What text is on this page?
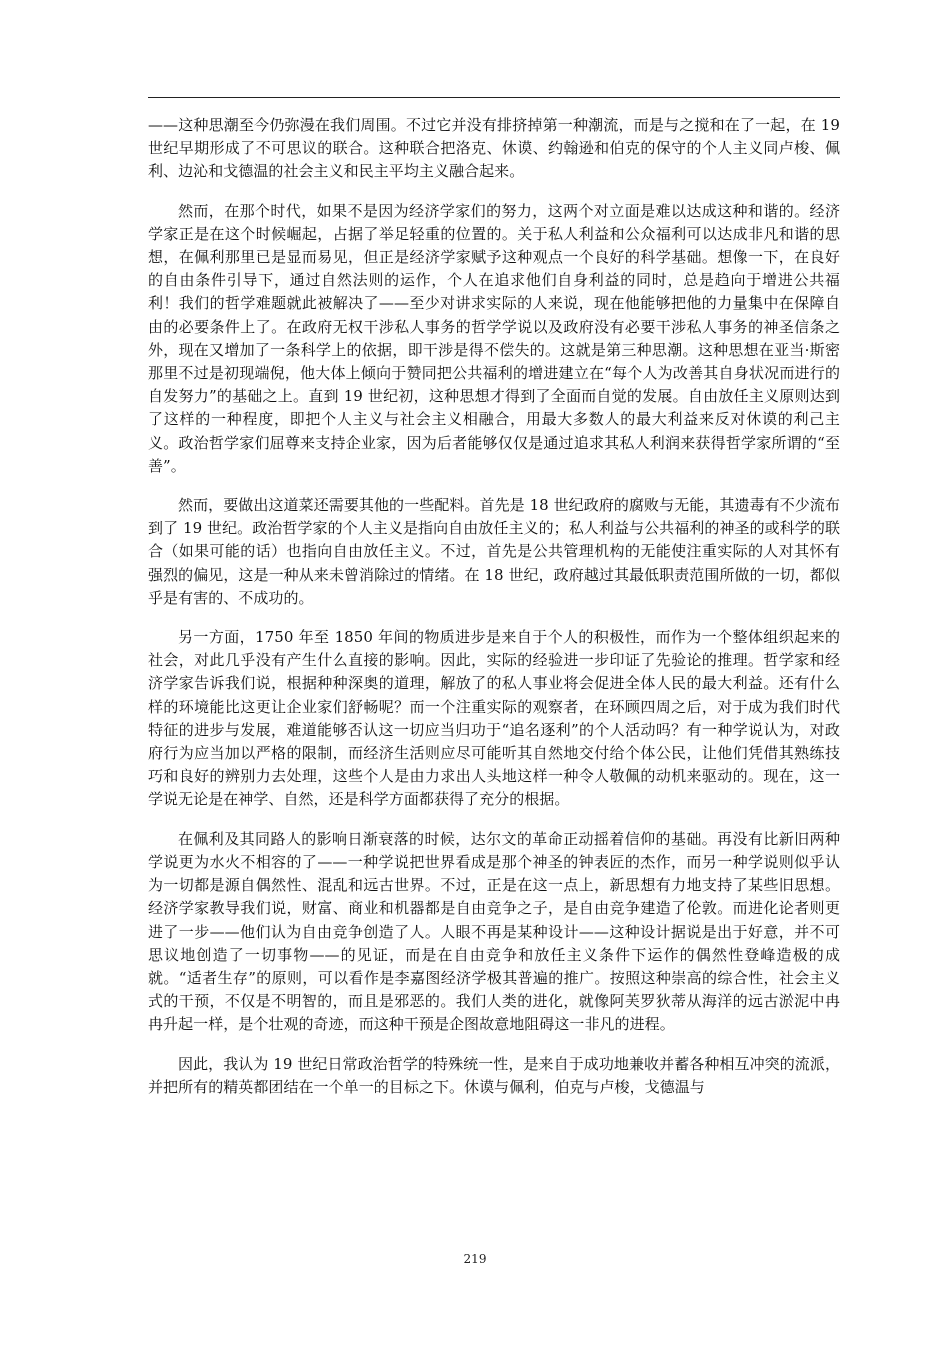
——这种思潮至今仍弥漫在我们周围。不过它并没有排挤掉第一种潮流，而是与之搅和在了一起，在 19 世纪早期形成了不可思议的联合。这种联合把洛克、休谟、约翰逊和伯克的保守的个人主义同卢梭、佩利、边沁和戈德温的社会主义和民主平均主义融合起来。

然而，在那个时代，如果不是因为经济学家们的努力，这两个对立面是难以达成这种和谐的。经济学家正是在这个时候崛起，占据了举足轻重的位置的。关于私人利益和公众福利可以达成非凡和谐的思想，在佩利那里已是显而易见，但正是经济学家赋予这种观点一个良好的科学基础。想像一下，在良好的自由条件引导下，通过自然法则的运作，个人在追求他们自身利益的同时，总是趋向于增进公共福利！我们的哲学难题就此被解决了——至少对讲求实际的人来说，现在他能够把他的力量集中在保障自由的必要条件上了。在政府无权干涉私人事务的哲学学说以及政府没有必要干涉私人事务的神圣信条之外，现在又增加了一条科学上的依据，即干涉是得不偿失的。这就是第三种思潮。这种思想在亚当·斯密那里不过是初现端倪，他大体上倾向于赞同把公共福利的增进建立在“每个人为改善其自身状况而进行的自发努力”的基础之上。直到 19 世纪初，这种思想才得到了全面而自觉的发展。自由放任主义原则达到了这样的一种程度，即把个人主义与社会主义相融合，用最大多数人的最大利益来反对休谟的利己主义。政治哲学家们屈尊来支持企业家，因为后者能够仅仅是通过追求其私人利润来获得哲学家所谓的“至善”。

然而，要做出这道菜还需要其他的一些配料。首先是 18 世纪政府的腐败与无能，其遗毒有不少流布到了 19 世纪。政治哲学家的个人主义是指向自由放任主义的；私人利益与公共福利的神圣的或科学的联合（如果可能的话）也指向自由放任主义。不过，首先是公共管理机构的无能使注重实际的人对其怀有强烈的偏见，这是一种从来未曾消除过的情绪。在 18 世纪，政府越过其最低职责范围所做的一切，都似乎是有害的、不成功的。

另一方面，1750 年至 1850 年间的物质进步是来自于个人的积极性，而作为一个整体组织起来的社会，对此几乎没有产生什么直接的影响。因此，实际的经验进一步印证了先验论的推理。哲学家和经济学家告诉我们说，根据种种深奥的道理，解放了的私人事业将会促进全体人民的最大利益。还有什么样的环境能比这更让企业家们舒畅呢？而一个注重实际的观察者，在环顾四周之后，对于成为我们时代特征的进步与发展，难道能够否认这一切应当归功于“追名逐利”的个人活动吗？有一种学说认为，对政府行为应当加以严格的限制，而经济生活则应尽可能听其自然地交付给个体公民，让他们凭借其熟练技巧和良好的辨别力去处理，这些个人是由力求出人头地这样一种令人敬佩的动机来驱动的。现在，这一学说无论是在神学、自然，还是科学方面都获得了充分的根据。

在佩利及其同路人的影响日渐衰落的时候，达尔文的革命正动摇着信仰的基础。再没有比新旧两种学说更为水火不相容的了——一种学说把世界看成是那个神圣的钟表匠的杰作，而另一种学说则似乎认为一切都是源自偶然性、混乱和远古世界。不过，正是在这一点上，新思想有力地支持了某些旧思想。经济学家教导我们说，财富、商业和机器都是自由竞争之子，是自由竞争建造了伦敦。而进化论者则更进了一步——他们认为自由竞争创造了人。人眼不再是某种设计——这种设计据说是出于好意，并不可思议地创造了一切事物——的见证，而是在自由竞争和放任主义条件下运作的偶然性登峰造极的成就。“适者生存”的原则，可以看作是李嘉图经济学极其普遍的推广。按照这种崇高的综合性，社会主义式的干预，不仅是不明智的，而且是邪恶的。我们人类的进化，就像阿芙罗狄蒂从海洋的远古淤泥中冉冉升起一样，是个壮观的奇迹，而这种干预是企图故意地阻碍这一非凡的进程。

因此，我认为 19 世纪日常政治哲学的特殊统一性，是来自于成功地兼收并蓄各种相互冲突的流派，并把所有的精英都团结在一个单一的目标之下。休谟与佩利，伯克与卢梭，戈德温与

219
